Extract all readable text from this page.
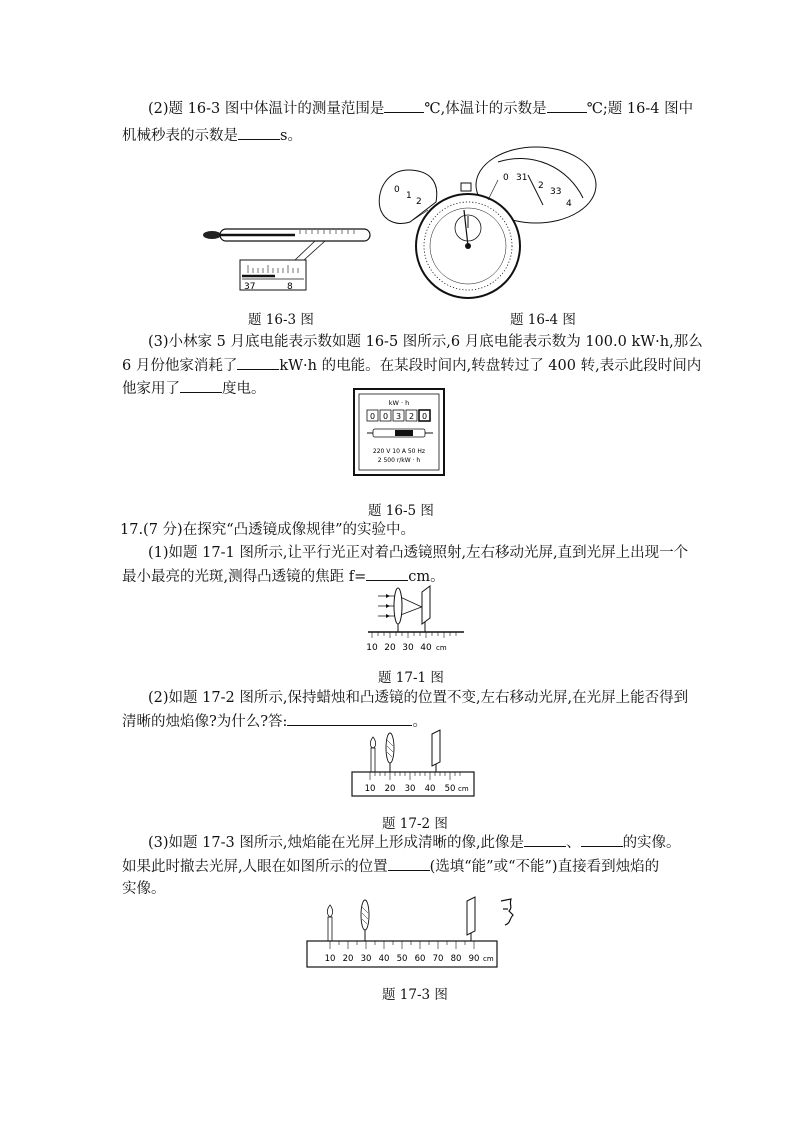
(2)题 16-3 图中体温计的测量范围是	℃,体温计的示数是	℃;题 16-4 图中
机械秒表的示数是	s。
37	8
题 16-3 图
0
1
2
0 31
2
33
4
题 16-4 图
(3)小林家 5 月底电能表示数如题 16-5 图所示,6 月底电能表示数为 100.0 kW·h,那么
6 月份他家消耗了	kW·h 的电能。在某段时间内,转盘转过了 400 转,表示此段时间内
他家用了	度电。
kW · h
0 0 3 2 0
220 V 10 A 50 Hz
2 500 r/kW · h
题 16-5 图
17.(7 分)在探究“凸透镜成像规律”的实验中。
(1)如题 17-1 图所示,让平行光正对着凸透镜照射,左右移动光屏,直到光屏上出现一个
最小最亮的光斑,测得凸透镜的焦距 f=	cm。
10 20 30 40 cm
题 17-1 图
(2)如题 17-2 图所示,保持蜡烛和凸透镜的位置不变,左右移动光屏,在光屏上能否得到
清晰的烛焰像?为什么?答:	。
10 20 30 40 50 cm
题 17-2 图
(3)如题 17-3 图所示,烛焰能在光屏上形成清晰的像,此像是	、	的实像。
如果此时撤去光屏,人眼在如图所示的位置	(选填“能”或“不能”)直接看到烛焰的
实像。
10 20 30 40 50 60 70 80 90 cm
题 17-3 图
